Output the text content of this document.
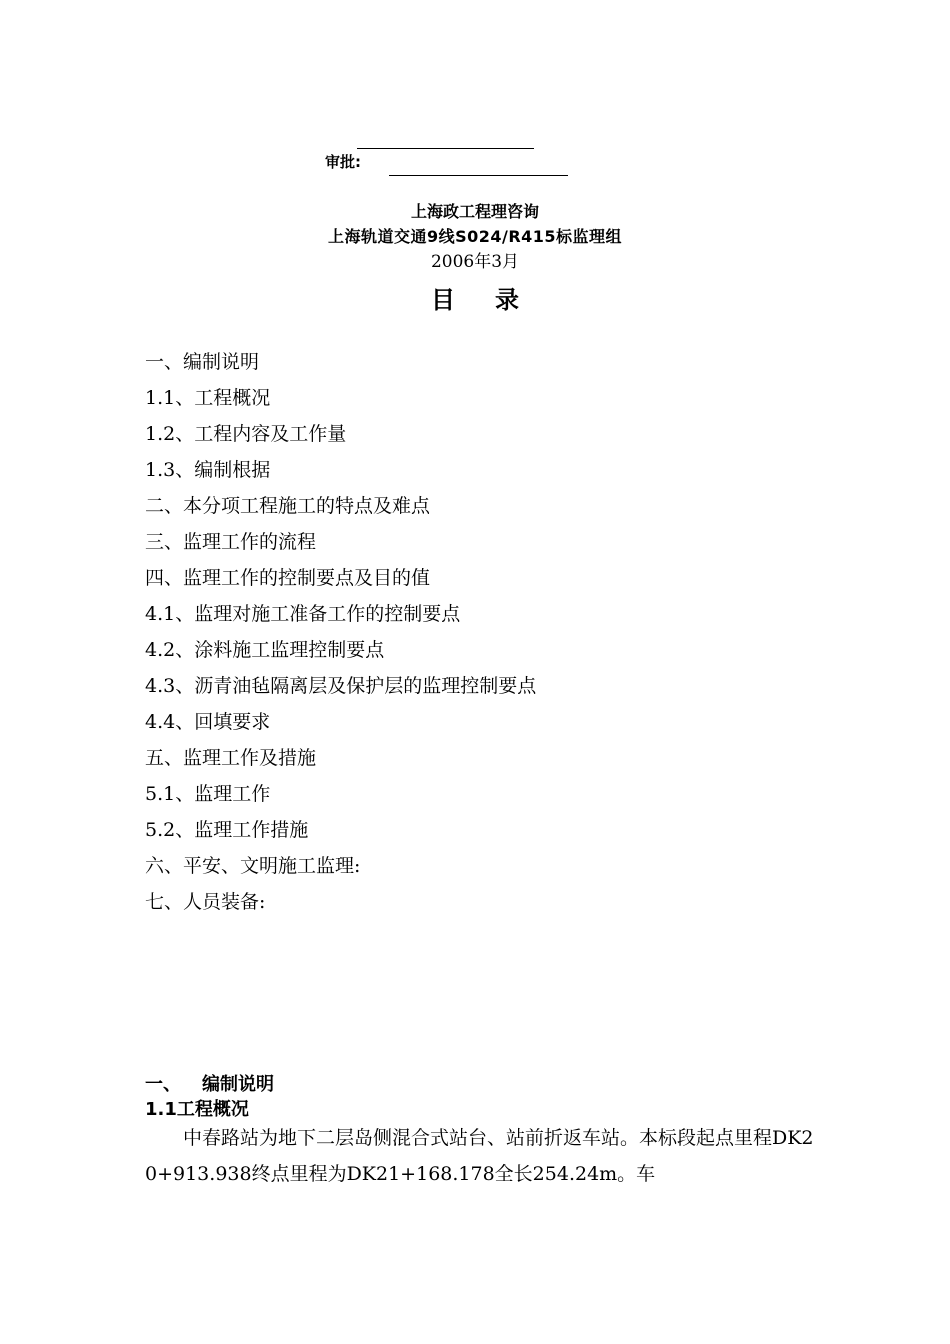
审批:
上海政工程理咨询
上海轨道交通9线S024/R415标监理组
2006年3月
目录
一、编制说明
1.1、工程概况
1.2、工程内容及工作量
1.3、编制根据
二、本分项工程施工的特点及难点
三、监理工作的流程
四、监理工作的控制要点及目的值
4.1、监理对施工准备工作的控制要点
4.2、涂料施工监理控制要点
4.3、沥青油毡隔离层及保护层的监理控制要点
4.4、回填要求
五、监理工作及措施
5.1、监理工作
5.2、监理工作措施
六、平安、文明施工监理:
七、人员装备:
一、 编制说明
1.1工程概况
中春路站为地下二层岛侧混合式站台、站前折返车站。本标段起点里程DK20+913.938终点里程为DK21+168.178全长254.24m。车
